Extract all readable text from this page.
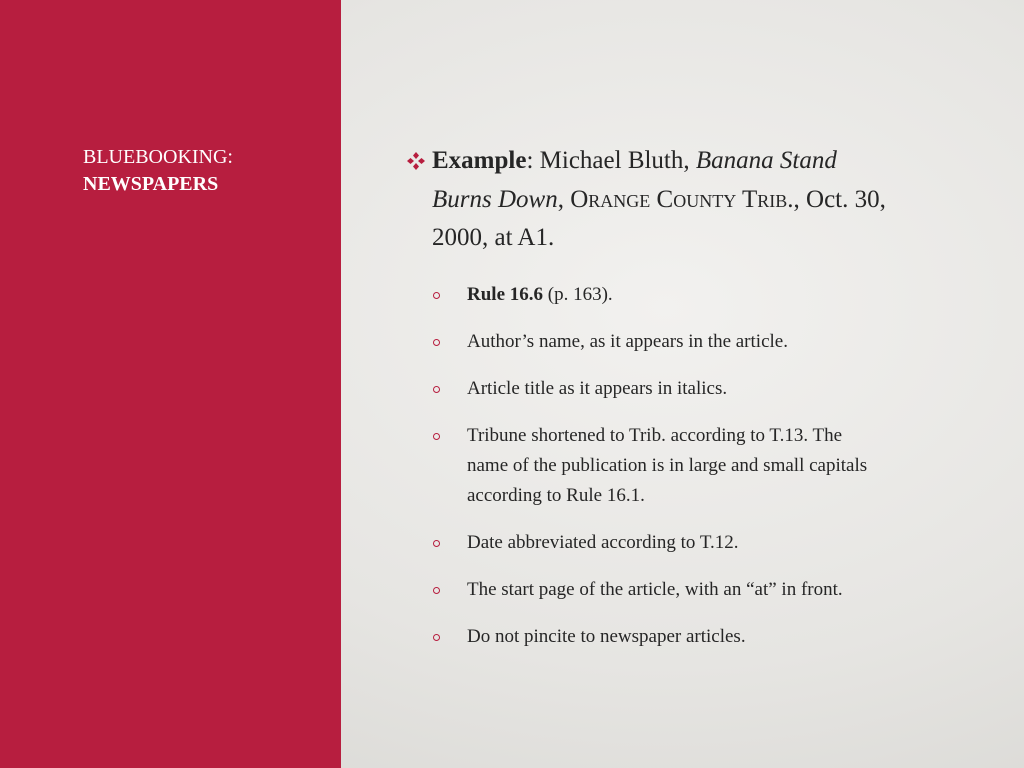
BLUEBOOKING:
NEWSPAPERS
Example: Michael Bluth, Banana Stand Burns Down, Orange County Trib., Oct. 30, 2000, at A1.
Rule 16.6 (p. 163).
Author’s name, as it appears in the article.
Article title as it appears in italics.
Tribune shortened to Trib. according to T.13. The name of the publication is in large and small capitals according to Rule 16.1.
Date abbreviated according to T.12.
The start page of the article, with an “at” in front.
Do not pincite to newspaper articles.
